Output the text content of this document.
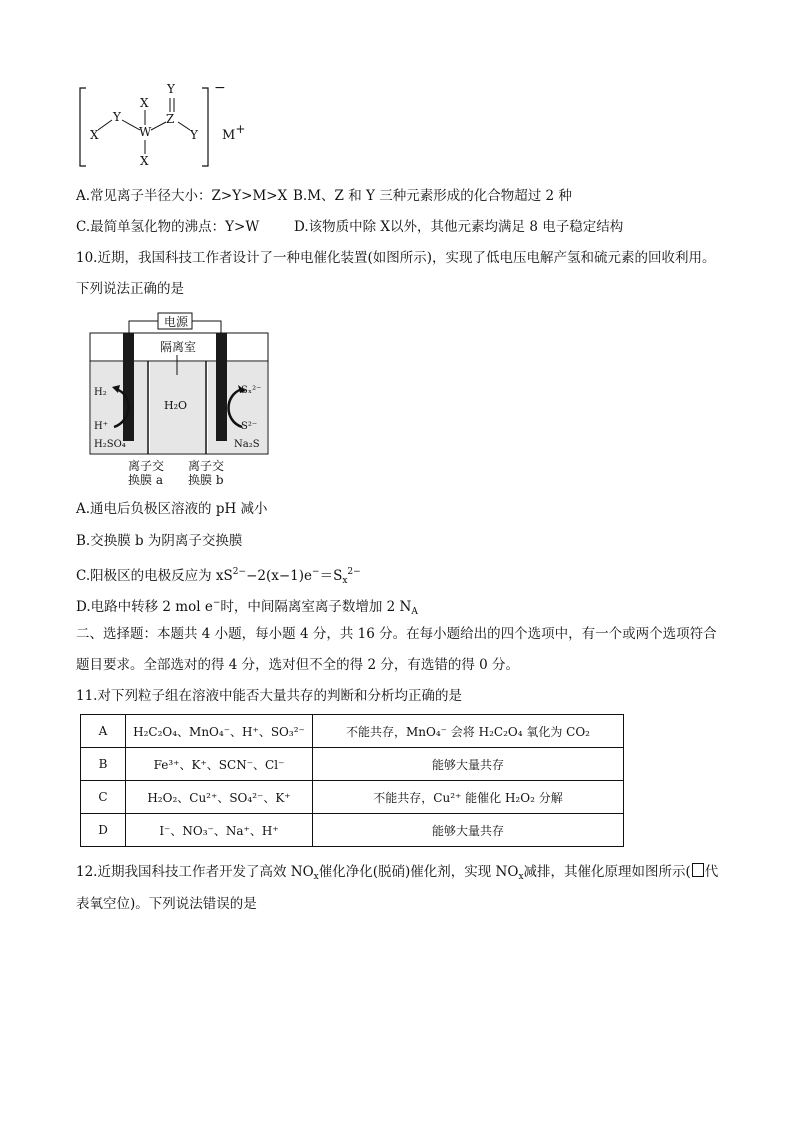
X
Y
X
W
X
Y
Z
Y
−
M+
A.常见离子半径大小：Z>Y>M>X B.M、Z 和 Y 三种元素形成的化合物超过 2 种
C.最简单氢化物的沸点：Y>W	D.该物质中除 X以外，其他元素均满足 8 电子稳定结构
10.近期，我国科技工作者设计了一种电催化装置(如图所示)，实现了低电压电解产氢和硫元素的回收利用。
下列说法正确的是
电源
隔离室
H₂O
H₂
H⁺
H₂SO₄
Sₓ²⁻
S²⁻
Na₂S
离子交
换膜 a
离子交
换膜 b
A.通电后负极区溶液的 pH 减小
B.交换膜 b 为阴离子交换膜
C.阳极区的电极反应为 $xS^{2-}-2(x-1)e^-=S_x^{2-}$
D.电路中转移 2 mol e−时，中间隔离室离子数增加 2 $N_A$
二、选择题：本题共 4 小题，每小题 4 分，共 16 分。在每小题给出的四个选项中，有一个或两个选项符合
题目要求。全部选对的得 4 分，选对但不全的得 2 分，有选错的得 0 分。
11.对下列粒子组在溶液中能否大量共存的判断和分析均正确的是
A	H₂C₂O₄、MnO₄⁻、H⁺、SO₃²⁻	不能共存，MnO₄⁻ 会将 H₂C₂O₄ 氧化为 CO₂
B	Fe³⁺、K⁺、SCN⁻、Cl⁻	能够大量共存
C	H₂O₂、Cu²⁺、SO₄²⁻、K⁺	不能共存，Cu²⁺ 能催化 H₂O₂ 分解
D	I⁻、NO₃⁻、Na⁺、H⁺	能够大量共存
12.近期我国科技工作者开发了高效 $NO_x$催化净化(脱硝)催化剂，实现 $NO_x$减排，其催化原理如图所示( 代
表氧空位)。下列说法错误的是
